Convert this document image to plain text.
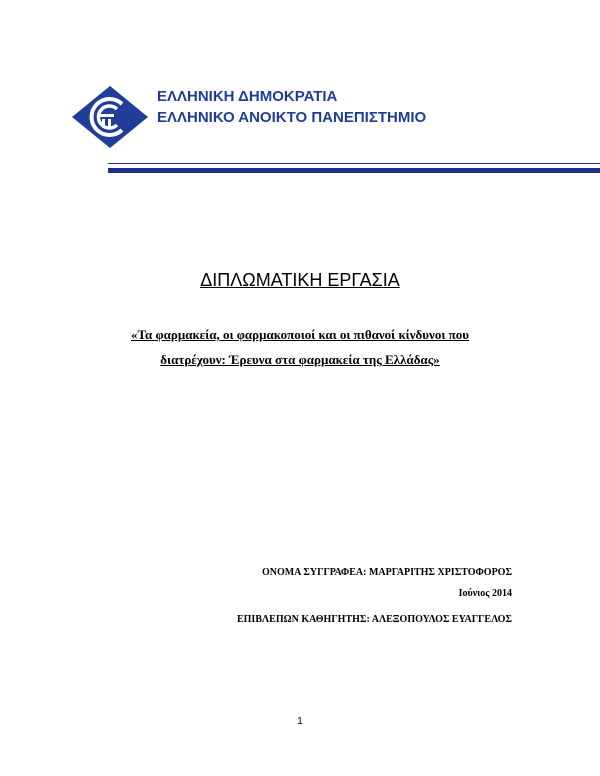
ΕΛΛΗΝΙΚΗ ΔΗΜΟΚΡΑΤΙΑ
ΕΛΛΗΝΙΚΟ ΑΝΟΙΚΤΟ ΠΑΝΕΠΙΣΤΗΜΙΟ
ΔΙΠΛΩΜΑΤΙΚΗ ΕΡΓΑΣΙΑ
«Τα φαρμακεία, οι φαρμακοποιοί και οι πιθανοί κίνδυνοι που
διατρέχουν: Έρευνα στα φαρμακεία της Ελλάδας»
ΟΝΟΜΑ ΣΥΓΓΡΑΦΕΑ: ΜΑΡΓΑΡΙΤΗΣ ΧΡΙΣΤΟΦΟΡΟΣ
Ιούνιος 2014
ΕΠΙΒΛΕΠΩΝ ΚΑΘΗΓΗΤΗΣ: ΑΛΕΞΟΠΟΥΛΟΣ ΕΥΑΓΓΕΛΟΣ
1
